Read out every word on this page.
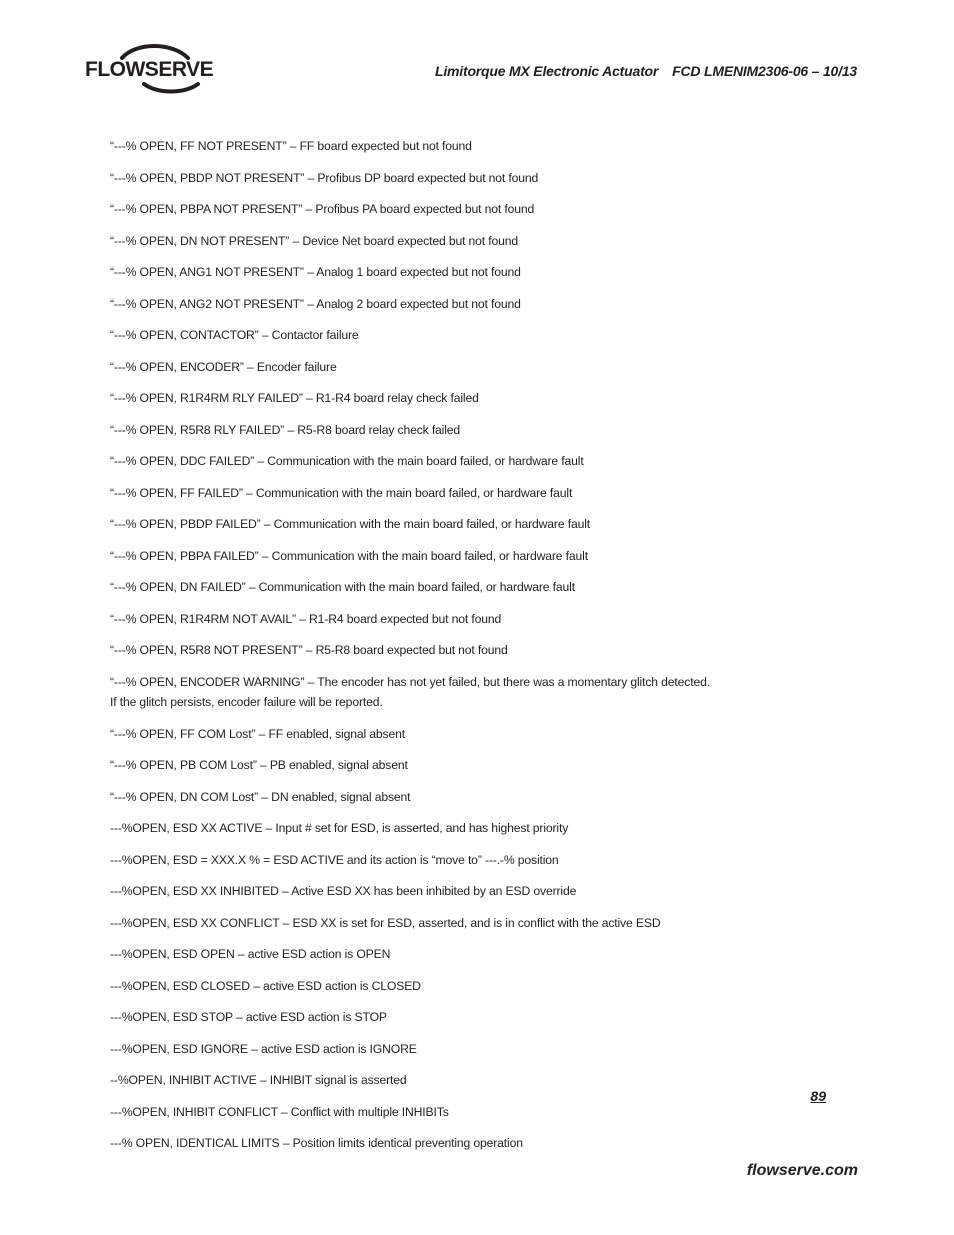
FLOWSERVE	Limitorque MX Electronic Actuator FCD LMENIM2306-06 – 10/13
“---% OPEN, FF NOT PRESENT” – FF board expected but not found
“---% OPEN, PBDP NOT PRESENT” – Profibus DP board expected but not found
“---% OPEN, PBPA NOT PRESENT” – Profibus PA board expected but not found
“---% OPEN, DN NOT PRESENT” – Device Net board expected but not found
“---% OPEN, ANG1 NOT PRESENT” – Analog 1 board expected but not found
“---% OPEN, ANG2 NOT PRESENT” – Analog 2 board expected but not found
“---% OPEN, CONTACTOR” – Contactor failure
“---% OPEN, ENCODER” – Encoder failure
“---% OPEN, R1R4RM RLY FAILED” – R1-R4 board relay check failed
“---% OPEN, R5R8 RLY FAILED” – R5-R8 board relay check failed
“---% OPEN, DDC FAILED” – Communication with the main board failed, or hardware fault
“---% OPEN, FF FAILED” – Communication with the main board failed, or hardware fault
“---% OPEN, PBDP FAILED” – Communication with the main board failed, or hardware fault
“---% OPEN, PBPA FAILED” – Communication with the main board failed, or hardware fault
“---% OPEN, DN FAILED” – Communication with the main board failed, or hardware fault
“---% OPEN, R1R4RM NOT AVAIL” – R1-R4 board expected but not found
“---% OPEN, R5R8 NOT PRESENT” – R5-R8 board expected but not found
“---% OPEN, ENCODER WARNING” – The encoder has not yet failed, but there was a momentary glitch detected.
If the glitch persists, encoder failure will be reported.
“---% OPEN, FF COM Lost” – FF enabled, signal absent
“---% OPEN, PB COM Lost” – PB enabled, signal absent
“---% OPEN, DN COM Lost” – DN enabled, signal absent
---%OPEN, ESD XX ACTIVE – Input # set for ESD, is asserted, and has highest priority
---%OPEN, ESD = XXX.X % = ESD ACTIVE and its action is “move to” ---.-% position
---%OPEN, ESD XX INHIBITED – Active ESD XX has been inhibited by an ESD override
---%OPEN, ESD XX CONFLICT – ESD XX is set for ESD, asserted, and is in conflict with the active ESD
---%OPEN, ESD OPEN – active ESD action is OPEN
---%OPEN, ESD CLOSED – active ESD action is CLOSED
---%OPEN, ESD STOP – active ESD action is STOP
---%OPEN, ESD IGNORE – active ESD action is IGNORE
--%OPEN, INHIBIT ACTIVE – INHIBIT signal is asserted
---%OPEN, INHIBIT CONFLICT – Conflict with multiple INHIBITs
---% OPEN, IDENTICAL LIMITS – Position limits identical preventing operation
89
flowserve.com
